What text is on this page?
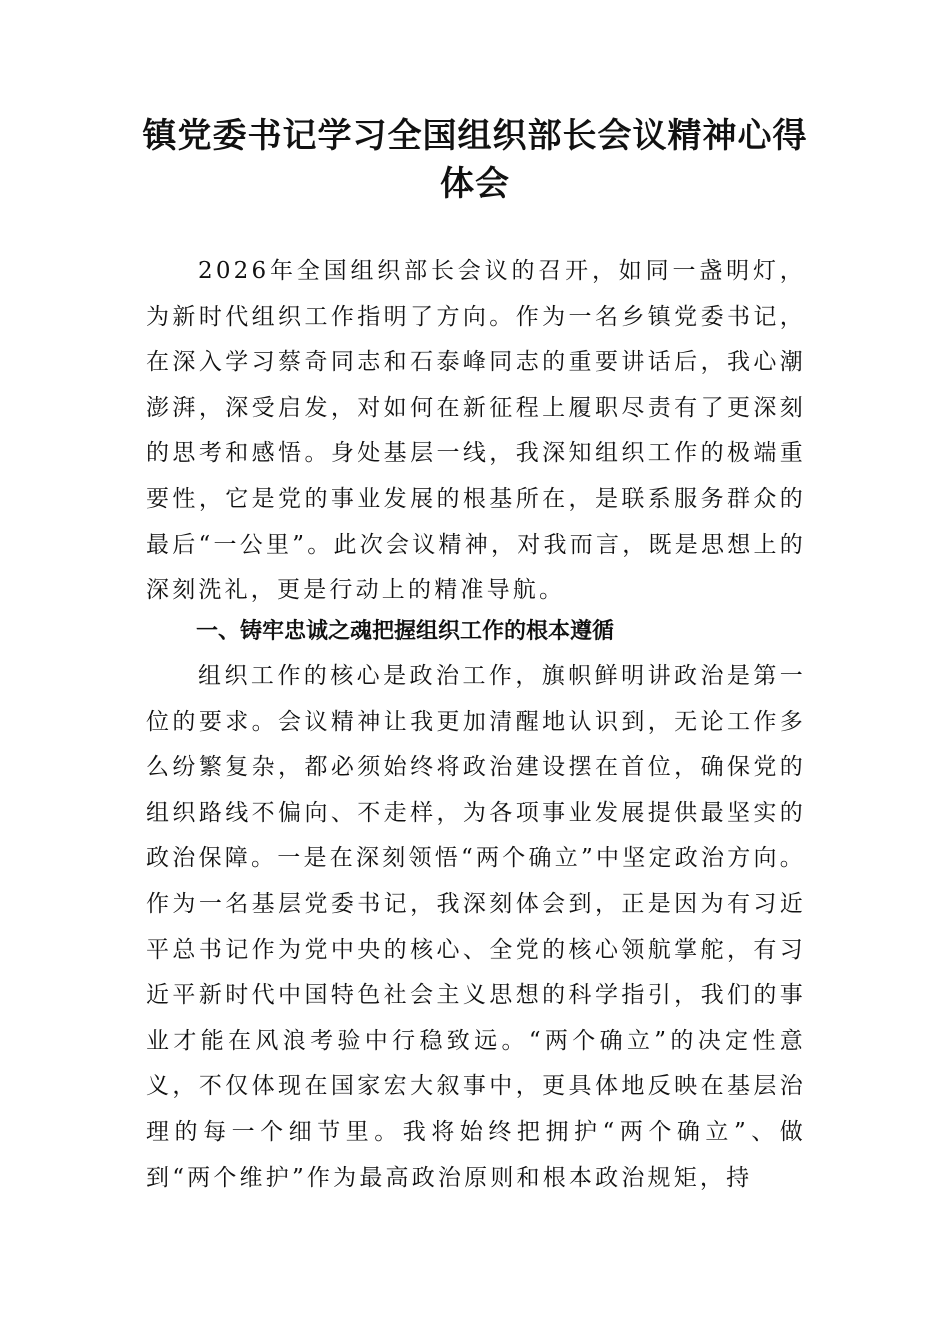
镇党委书记学习全国组织部长会议精神心得体会

2026年全国组织部长会议的召开，如同一盏明灯，为新时代组织工作指明了方向。作为一名乡镇党委书记，在深入学习蔡奇同志和石泰峰同志的重要讲话后，我心潮澎湃，深受启发，对如何在新征程上履职尽责有了更深刻的思考和感悟。身处基层一线，我深知组织工作的极端重要性，它是党的事业发展的根基所在，是联系服务群众的最后“一公里”。此次会议精神，对我而言，既是思想上的深刻洗礼，更是行动上的精准导航。

一、铸牢忠诚之魂把握组织工作的根本遵循

组织工作的核心是政治工作，旗帜鲜明讲政治是第一位的要求。会议精神让我更加清醒地认识到，无论工作多么纷繁复杂，都必须始终将政治建设摆在首位，确保党的组织路线不偏向、不走样，为各项事业发展提供最坚实的政治保障。一是在深刻领悟“两个确立”中坚定政治方向。作为一名基层党委书记，我深刻体会到，正是因为有习近平总书记作为党中央的核心、全党的核心领航掌舵，有习近平新时代中国特色社会主义思想的科学指引，我们的事业才能在风浪考验中行稳致远。“两个确立”的决定性意义，不仅体现在国家宏大叙事中，更具体地反映在基层治理的每一个细节里。我将始终把拥护“两个确立”、做到“两个维护”作为最高政治原则和根本政治规矩，持
